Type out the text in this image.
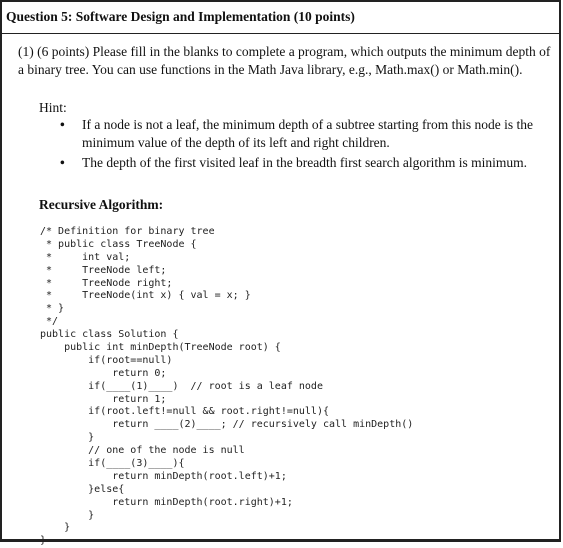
Question 5: Software Design and Implementation (10 points)
(1) (6 points) Please fill in the blanks to complete a program, which outputs the minimum depth of a binary tree. You can use functions in the Math Java library, e.g., Math.max() or Math.min().
Hint:
• If a node is not a leaf, the minimum depth of a subtree starting from this node is the minimum value of the depth of its left and right children.
• The depth of the first visited leaf in the breadth first search algorithm is minimum.
Recursive Algorithm:
/* Definition for binary tree
* public class TreeNode {
*     int val;
*     TreeNode left;
*     TreeNode right;
*     TreeNode(int x) { val = x; }
* }
*/
public class Solution {
public int minDepth(TreeNode root) {
if(root==null)
return 0;
if(____(1)____)  // root is a leaf node
return 1;
if(root.left!=null && root.right!=null){
return ____(2)____; // recursively call minDepth()
}
// one of the node is null
if(____(3)____){
return minDepth(root.left)+1;
}else{
return minDepth(root.right)+1;
}
}
}
